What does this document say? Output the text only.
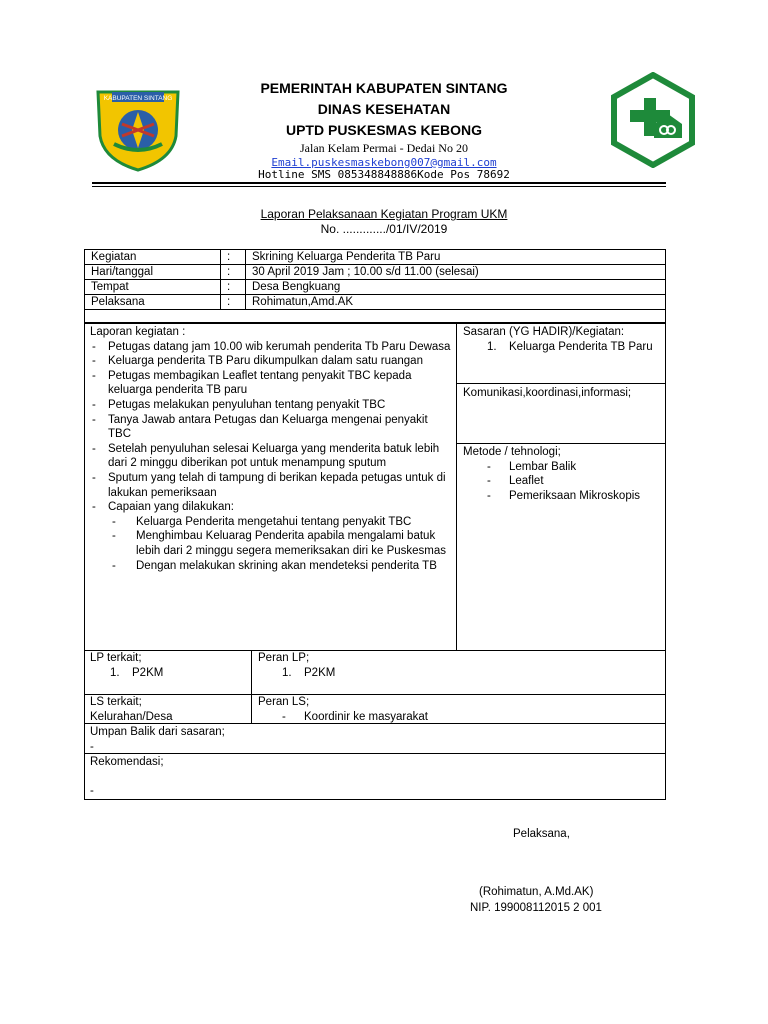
KABUPATEN SINTANG
PEMERINTAH KABUPATEN SINTANG
DINAS KESEHATAN
UPTD PUSKESMAS KEBONG
Jalan Kelam Permai - Dedai No 20
Email.puskesmaskebong007@gmail.com
Hotline SMS 085348848886Kode Pos 78692
Laporan Pelaksanaan Kegiatan Program UKM
No. ............./01/IV/2019
Kegiatan	:	Skrining Keluarga Penderita TB Paru
Hari/tanggal	:	30 April 2019 Jam ; 10.00 s/d 11.00 (selesai)
Tempat	:	Desa Bengkuang
Pelaksana	:	Rohimatun,Amd.AK

Laporan kegiatan :
- Petugas datang jam 10.00 wib kerumah penderita Tb Paru Dewasa
- Keluarga penderita TB Paru dikumpulkan dalam satu ruangan
- Petugas membagikan Leaflet tentang penyakit TBC kepada keluarga penderita TB paru
- Petugas melakukan penyuluhan tentang penyakit TBC
- Tanya Jawab antara Petugas dan Keluarga mengenai penyakit TBC
- Setelah penyuluhan selesai Keluarga yang menderita batuk lebih dari 2 minggu diberikan pot untuk menampung sputum
- Sputum yang telah di tampung di berikan kepada petugas untuk di lakukan pemeriksaan
- Capaian yang dilakukan:
- Keluarga Penderita mengetahui tentang penyakit TBC
- Menghimbau Keluarag Penderita apabila mengalami batuk lebih dari 2 minggu segera memeriksakan diri ke Puskesmas
- Dengan melakukan skrining akan mendeteksi penderita TB
Sasaran (YG HADIR)/Kegiatan:
1. Keluarga Penderita TB Paru
Komunikasi,koordinasi,informasi;
Metode / tehnologi;
- Lembar Balik
- Leaflet
- Pemeriksaan Mikroskopis
LP terkait;
1. P2KM
Peran LP;
1. P2KM
LS terkait;
Kelurahan/Desa
Peran LS;
- Koordinir ke masyarakat
Umpan Balik dari sasaran;
-
Rekomendasi;
-
Pelaksana,
(Rohimatun, A.Md.AK)
NIP. 199008112015 2 001
